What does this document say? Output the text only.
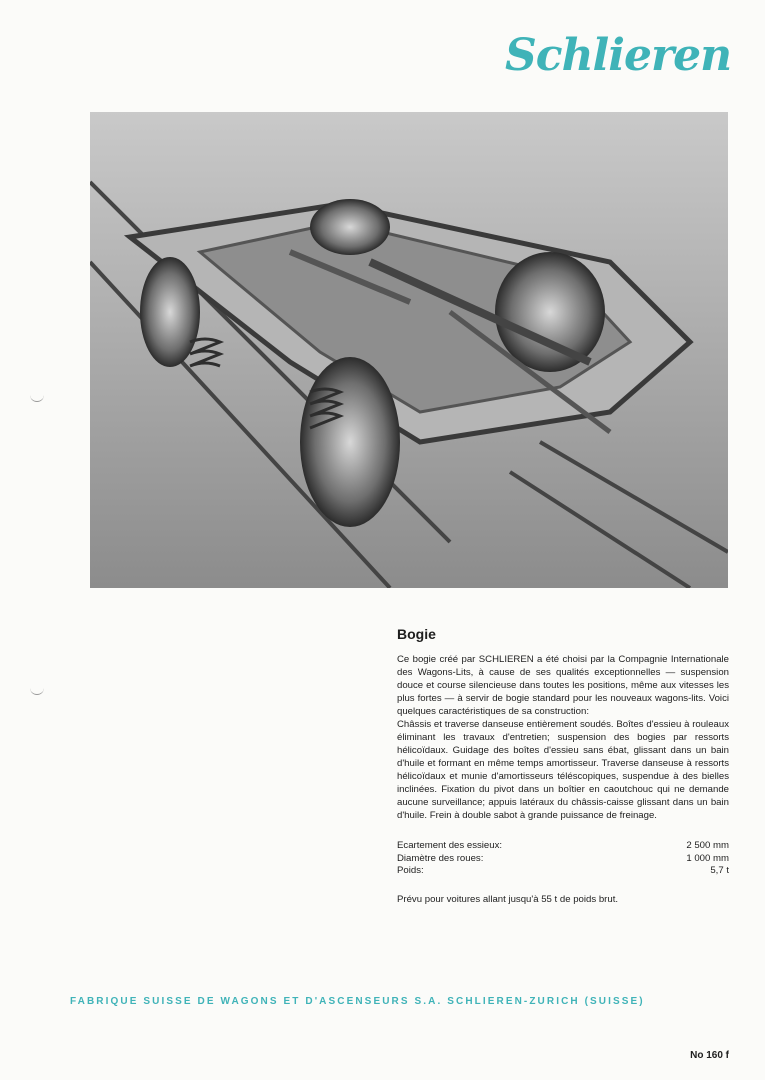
Schlieren
Bogie

Ce bogie créé par SCHLIEREN a été choisi par la Compagnie Internationale des Wagons-Lits, à cause de ses qualités exceptionnelles — suspension douce et course silencieuse dans toutes les positions, même aux vitesses les plus fortes — à servir de bogie standard pour les nouveaux wagons-lits. Voici quelques caractéristiques de sa construction:

Châssis et traverse danseuse entièrement soudés. Boîtes d'essieu à rouleaux éliminant les travaux d'entretien; suspension des bogies par ressorts hélicoïdaux. Guidage des boîtes d'essieu sans ébat, glissant dans un bain d'huile et formant en même temps amortisseur. Traverse danseuse à ressorts hélicoïdaux et munie d'amortisseurs téléscopiques, suspendue à des bielles inclinées. Fixation du pivot dans un boîtier en caoutchouc qui ne demande aucune surveillance; appuis latéraux du châssis-caisse glissant dans un bain d'huile. Frein à double sabot à grande puissance de freinage.

Ecartement des essieux:	2 500 mm
Diamètre des roues:	1 000 mm
Poids:	5,7 t
Prévu pour voitures allant jusqu'à 55 t de poids brut.
FABRIQUE SUISSE DE WAGONS ET D'ASCENSEURS S.A. SCHLIEREN-ZURICH (SUISSE)
No 160 f
